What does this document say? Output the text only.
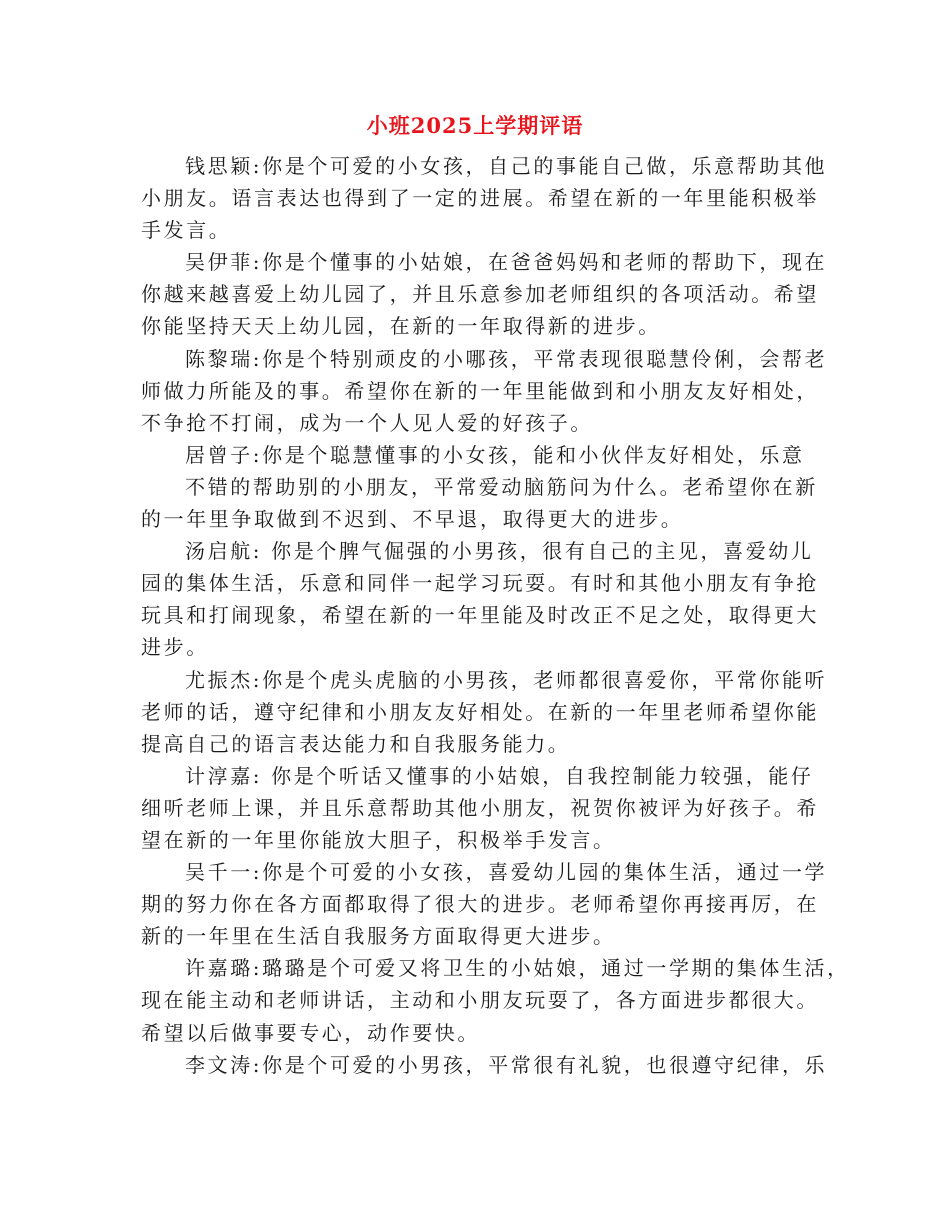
小班2025上学期评语
钱思颖:你是个可爱的小女孩，自己的事能自己做，乐意帮助其他
小朋友。语言表达也得到了一定的进展。希望在新的一年里能积极举
手发言。
吴伊菲:你是个懂事的小姑娘，在爸爸妈妈和老师的帮助下，现在
你越来越喜爱上幼儿园了，并且乐意参加老师组织的各项活动。希望
你能坚持天天上幼儿园，在新的一年取得新的进步。
陈黎瑞:你是个特别顽皮的小哪孩，平常表现很聪慧伶俐，会帮老
师做力所能及的事。希望你在新的一年里能做到和小朋友友好相处，
不争抢不打闹，成为一个人见人爱的好孩子。
居曾子:你是个聪慧懂事的小女孩，能和小伙伴友好相处，乐意
不错的帮助别的小朋友，平常爱动脑筋问为什么。老希望你在新
的一年里争取做到不迟到、不早退，取得更大的进步。
汤启航: 你是个脾气倔强的小男孩，很有自己的主见，喜爱幼儿
园的集体生活，乐意和同伴一起学习玩耍。有时和其他小朋友有争抢
玩具和打闹现象，希望在新的一年里能及时改正不足之处，取得更大
进步。
尤振杰:你是个虎头虎脑的小男孩，老师都很喜爱你，平常你能听
老师的话，遵守纪律和小朋友友好相处。在新的一年里老师希望你能
提高自己的语言表达能力和自我服务能力。
计淳嘉: 你是个听话又懂事的小姑娘，自我控制能力较强，能仔
细听老师上课，并且乐意帮助其他小朋友，祝贺你被评为好孩子。希
望在新的一年里你能放大胆子，积极举手发言。
吴千一:你是个可爱的小女孩，喜爱幼儿园的集体生活，通过一学
期的努力你在各方面都取得了很大的进步。老师希望你再接再厉，在
新的一年里在生活自我服务方面取得更大进步。
许嘉璐:璐璐是个可爱又将卫生的小姑娘，通过一学期的集体生活，
现在能主动和老师讲话，主动和小朋友玩耍了，各方面进步都很大。
希望以后做事要专心，动作要快。
李文涛:你是个可爱的小男孩，平常很有礼貌，也很遵守纪律，乐
